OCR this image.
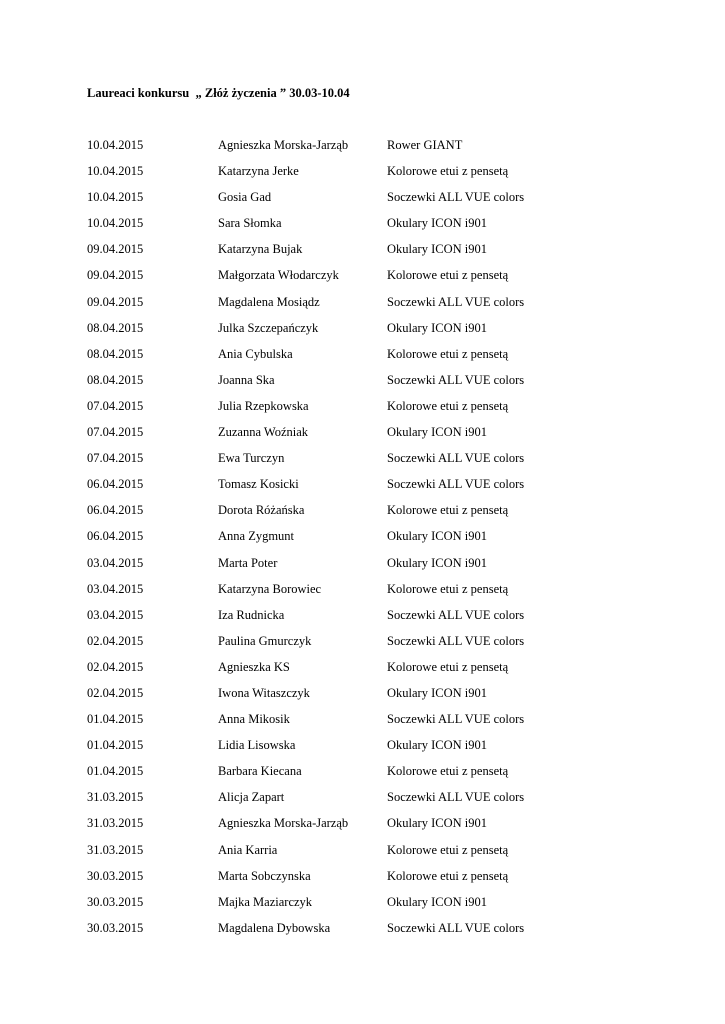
Laureaci konkursu  „ Złóż życzenia ” 30.03-10.04
10.04.2015	Agnieszka Morska-Jarząb	Rower GIANT
10.04.2015	Katarzyna Jerke	Kolorowe etui z pensetą
10.04.2015	Gosia Gad	Soczewki ALL VUE colors
10.04.2015	Sara Słomka	Okulary ICON i901
09.04.2015	Katarzyna Bujak	Okulary ICON i901
09.04.2015	Małgorzata Włodarczyk	Kolorowe etui z pensetą
09.04.2015	Magdalena Mosiądz	Soczewki ALL VUE colors
08.04.2015	Julka Szczepańczyk	Okulary ICON i901
08.04.2015	Ania Cybulska	Kolorowe etui z pensetą
08.04.2015	Joanna Ska	Soczewki ALL VUE colors
07.04.2015	Julia Rzepkowska	Kolorowe etui z pensetą
07.04.2015	Zuzanna Woźniak	Okulary ICON i901
07.04.2015	Ewa Turczyn	Soczewki ALL VUE colors
06.04.2015	Tomasz Kosicki	Soczewki ALL VUE colors
06.04.2015	Dorota Różańska	Kolorowe etui z pensetą
06.04.2015	Anna Zygmunt	Okulary ICON i901
03.04.2015	Marta Poter	Okulary ICON i901
03.04.2015	Katarzyna Borowiec	Kolorowe etui z pensetą
03.04.2015	Iza Rudnicka	Soczewki ALL VUE colors
02.04.2015	Paulina Gmurczyk	Soczewki ALL VUE colors
02.04.2015	Agnieszka KS	Kolorowe etui z pensetą
02.04.2015	Iwona Witaszczyk	Okulary ICON i901
01.04.2015	Anna Mikosik	Soczewki ALL VUE colors
01.04.2015	Lidia Lisowska	Okulary ICON i901
01.04.2015	Barbara Kiecana	Kolorowe etui z pensetą
31.03.2015	Alicja Zapart	Soczewki ALL VUE colors
31.03.2015	Agnieszka Morska-Jarząb	Okulary ICON i901
31.03.2015	Ania Karria	Kolorowe etui z pensetą
30.03.2015	Marta Sobczynska	Kolorowe etui z pensetą
30.03.2015	Majka Maziarczyk	Okulary ICON i901
30.03.2015	Magdalena Dybowska	Soczewki ALL VUE colors
